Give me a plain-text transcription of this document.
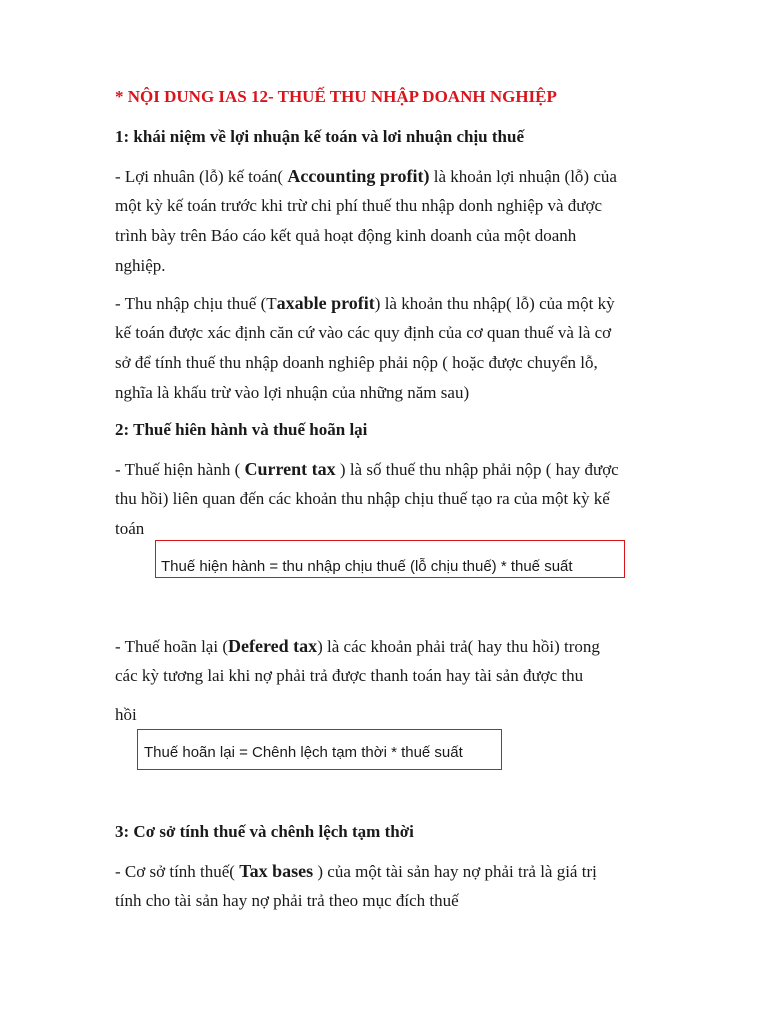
* NỘI DUNG IAS 12- THUẾ THU NHẬP DOANH NGHIỆP
1: khái niệm về lợi nhuận kế toán và lơi nhuận chịu thuế
- Lợi nhuân (lỗ) kế toán( Accounting profit) là khoản lợi nhuận (lỗ) của
một kỳ kế toán trước khi trừ chi phí thuế thu nhập donh nghiệp và được
trình bày trên Báo cáo kết quả hoạt động kinh doanh của một doanh
nghiệp.
- Thu nhập chịu thuế (Taxable profit) là khoản thu nhập( lỗ) của một kỳ
kế toán được xác định căn cứ vào các quy định của cơ quan thuế và là cơ
sở để tính thuế thu nhập doanh nghiêp phải nộp ( hoặc được chuyển lỗ,
nghĩa là khấu trừ vào lợi nhuận của những năm sau)
2: Thuế hiên hành và thuế hoãn lại
- Thuế hiện hành ( Current tax ) là số thuế thu nhập phải nộp ( hay được
thu hồi) liên quan đến các khoản thu nhập chịu thuế tạo ra của một kỳ kế
toán
Thuế hiện hành = thu nhập chịu thuế (lỗ chịu thuế) * thuế suất
- Thuế hoãn lại (Defered tax) là các khoản phải trả( hay thu hồi) trong
các kỳ tương lai khi nợ phải trả được thanh toán hay tài sản được thu
hồi
Thuế hoãn lại = Chênh lệch tạm thời * thuế suất
3: Cơ sở tính thuế và chênh lệch tạm thời
- Cơ sở tính thuế( Tax bases ) của một tài sản hay nợ phải trả là giá trị
tính cho tài sản hay nợ phải trả theo mục đích thuế
